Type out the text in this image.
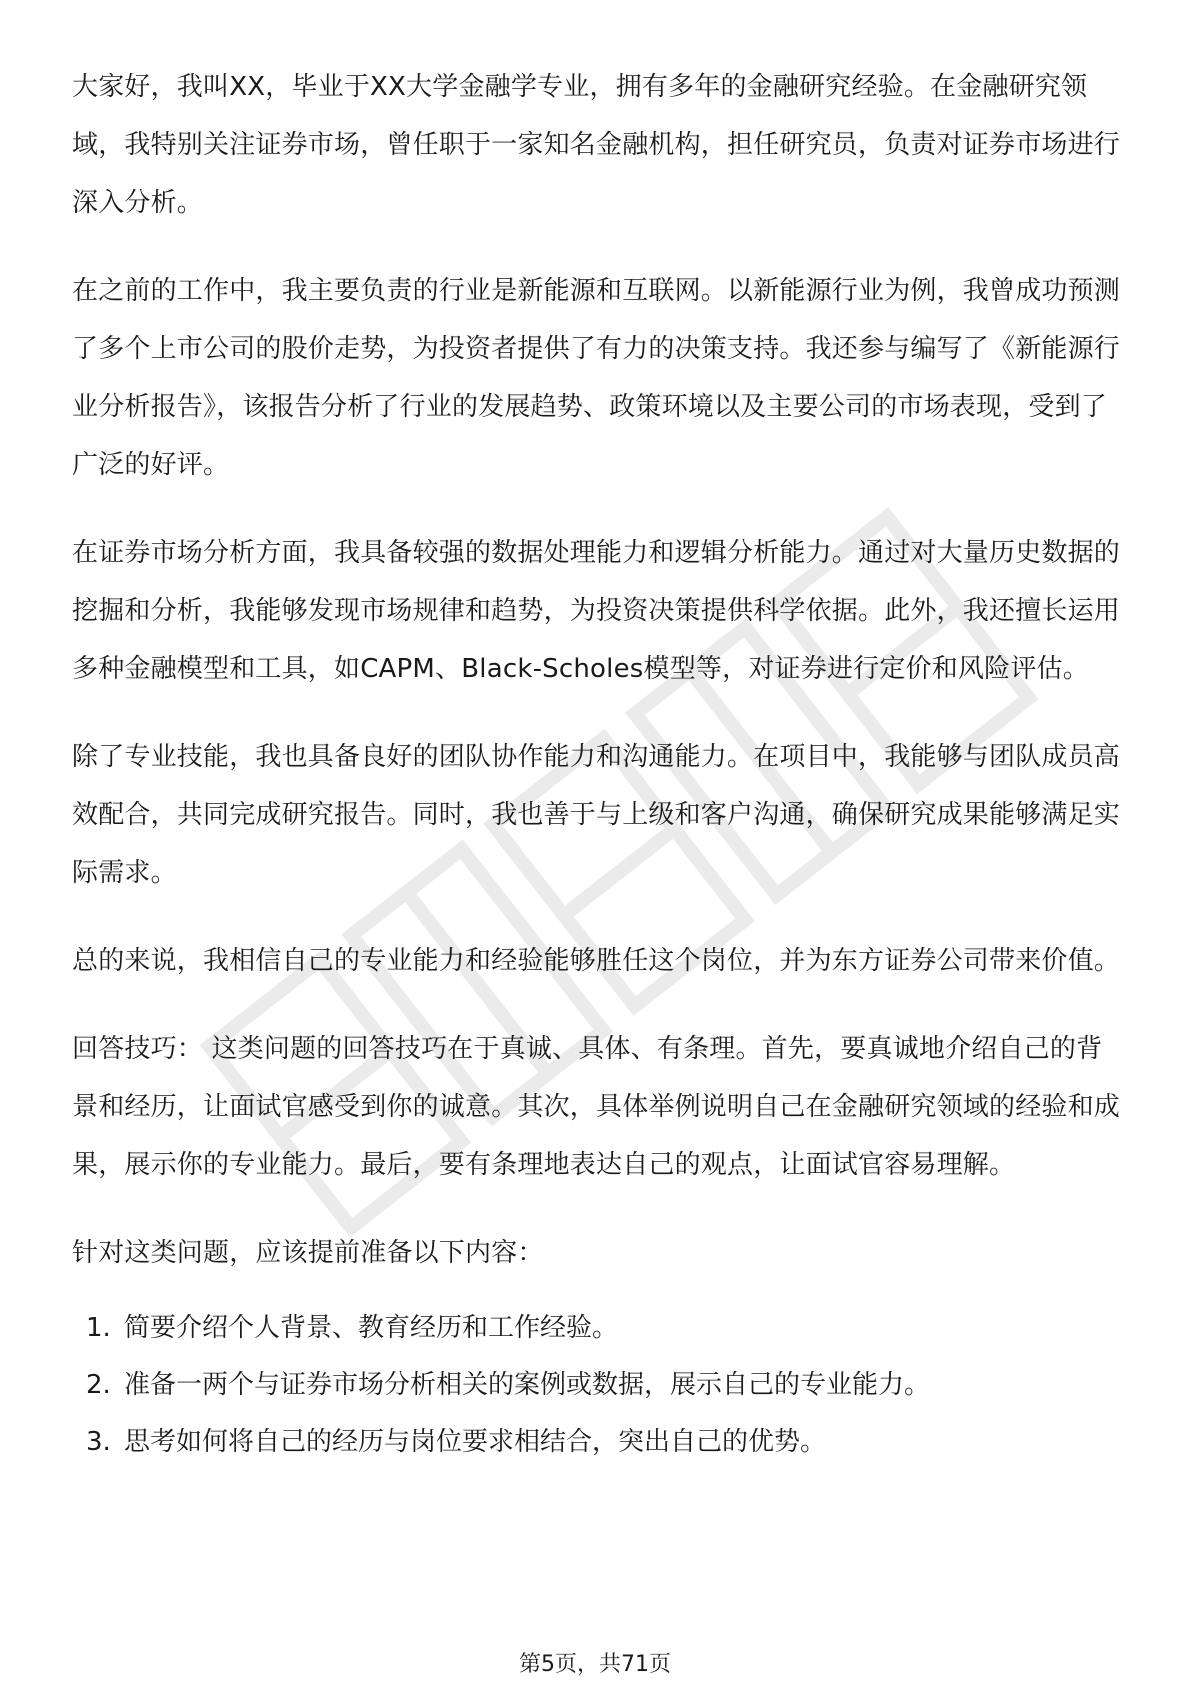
大家好，我叫XX，毕业于XX大学金融学专业，拥有多年的金融研究经验。在金融研究领域，我特别关注证券市场，曾任职于一家知名金融机构，担任研究员，负责对证券市场进行深入分析。

在之前的工作中，我主要负责的行业是新能源和互联网。以新能源行业为例，我曾成功预测了多个上市公司的股价走势，为投资者提供了有力的决策支持。我还参与编写了《新能源行业分析报告》，该报告分析了行业的发展趋势、政策环境以及主要公司的市场表现，受到了广泛的好评。

在证券市场分析方面，我具备较强的数据处理能力和逻辑分析能力。通过对大量历史数据的挖掘和分析，我能够发现市场规律和趋势，为投资决策提供科学依据。此外，我还擅长运用多种金融模型和工具，如CAPM、Black-Scholes模型等，对证券进行定价和风险评估。

除了专业技能，我也具备良好的团队协作能力和沟通能力。在项目中，我能够与团队成员高效配合，共同完成研究报告。同时，我也善于与上级和客户沟通，确保研究成果能够满足实际需求。

总的来说，我相信自己的专业能力和经验能够胜任这个岗位，并为东方证券公司带来价值。

回答技巧： 这类问题的回答技巧在于真诚、具体、有条理。首先，要真诚地介绍自己的背景和经历，让面试官感受到你的诚意。其次，具体举例说明自己在金融研究领域的经验和成果，展示你的专业能力。最后，要有条理地表达自己的观点，让面试官容易理解。

针对这类问题，应该提前准备以下内容：

1. 简要介绍个人背景、教育经历和工作经验。
2. 准备一两个与证券市场分析相关的案例或数据，展示自己的专业能力。
3. 思考如何将自己的经历与岗位要求相结合，突出自己的优势。
第5页，共71页
